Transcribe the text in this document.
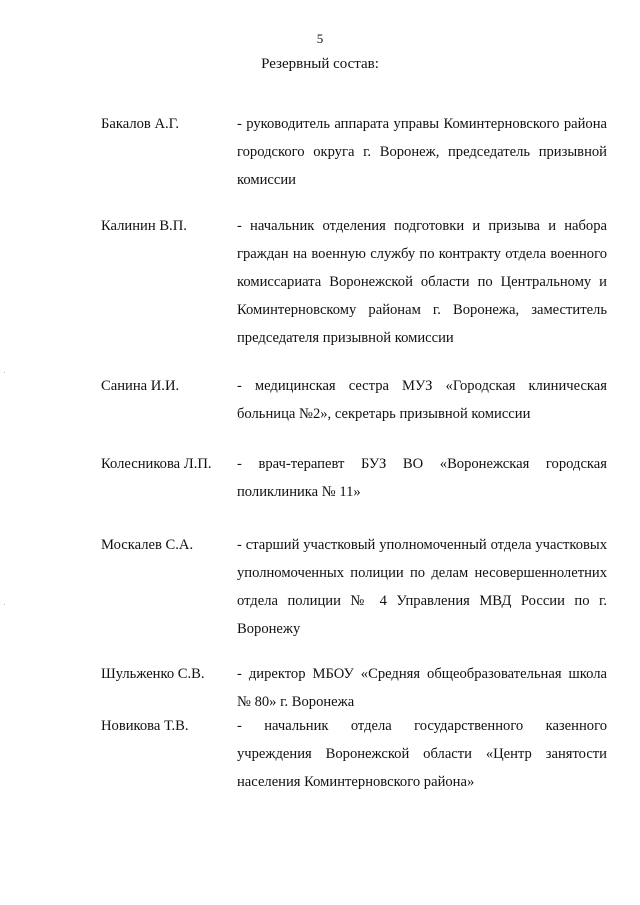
5
Резервный состав:
Бакалов А.Г.	- руководитель аппарата управы Коминтерновского района городского округа г. Воронеж, председатель призывной комиссии
Калинин В.П.	- начальник отделения подготовки и призыва и набора граждан на военную службу по контракту отдела военного комиссариата Воронежской области по Центральному и Коминтерновскому районам г. Воронежа, заместитель председателя призывной комиссии
Санина И.И.	- медицинская сестра МУЗ «Городская клиническая больница №2», секретарь призывной комиссии
Колесникова Л.П. - врач-терапевт БУЗ ВО «Воронежская городская поликлиника № 11»
Москалев С.А.	- старший участковый уполномоченный отдела участковых уполномоченных полиции по делам несовершеннолетних отдела полиции № 4 Управления МВД России по г. Воронежу
Шульженко С.В. - директор МБОУ «Средняя общеобразовательная школа № 80» г. Воронежа
Новикова Т.В.	- начальник отдела государственного казенного учреждения Воронежской области «Центр занятости населения Коминтерновского района»
